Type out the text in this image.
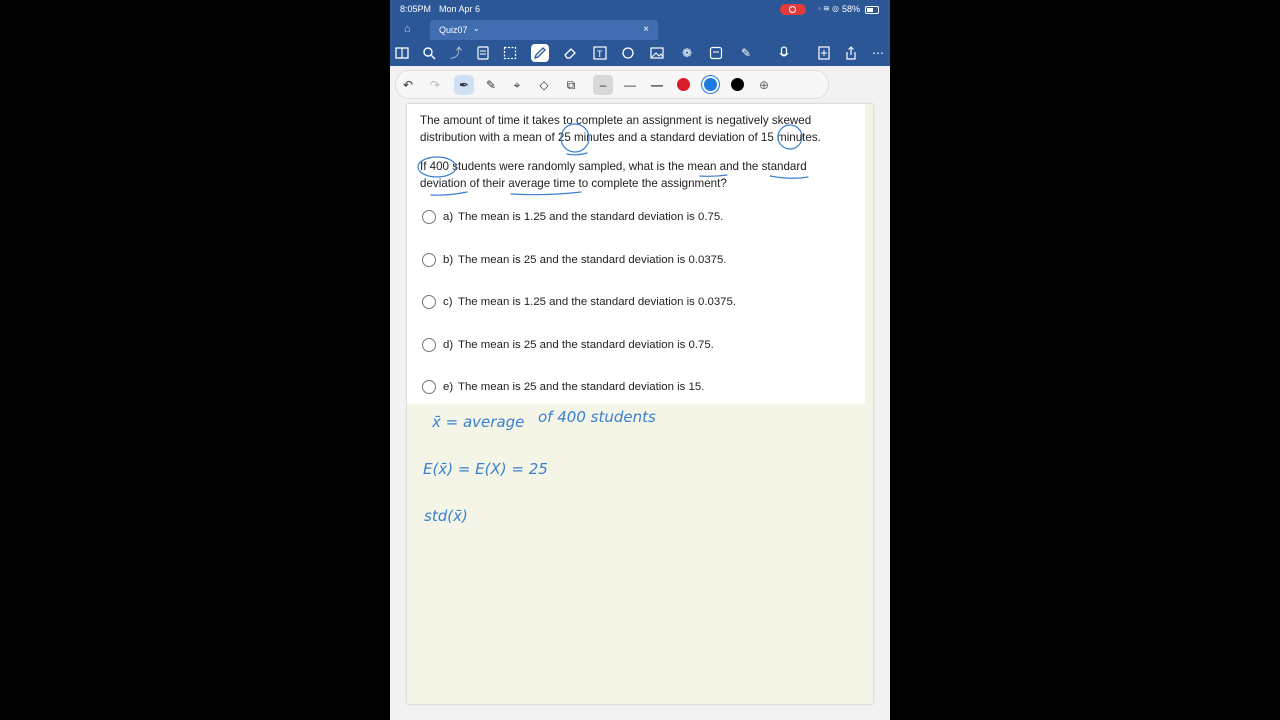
8:05PM Mon Apr 6	◦ ≋ ◎ 58%
⌂	Quiz07 ⌄	×
⤴	T	❁	✎	⋯
↶	↷	✒	✎	⌖	◇	⧉	–	—	—	⊕
The amount of time it takes to complete an assignment is negatively skewed
distribution with a mean of 25 minutes and a standard deviation of 15 minutes.
If 400 students were randomly sampled, what is the mean and the standard
deviation of their average time to complete the assignment?
a) The mean is 1.25 and the standard deviation is 0.75.
b) The mean is 25 and the standard deviation is 0.0375.
c) The mean is 1.25 and the standard deviation is 0.0375.
d) The mean is 25 and the standard deviation is 0.75.
e) The mean is 25 and the standard deviation is 15.
x̄ = average of 400 students
E(x̄) = E(X) = 25
std(x̄)
